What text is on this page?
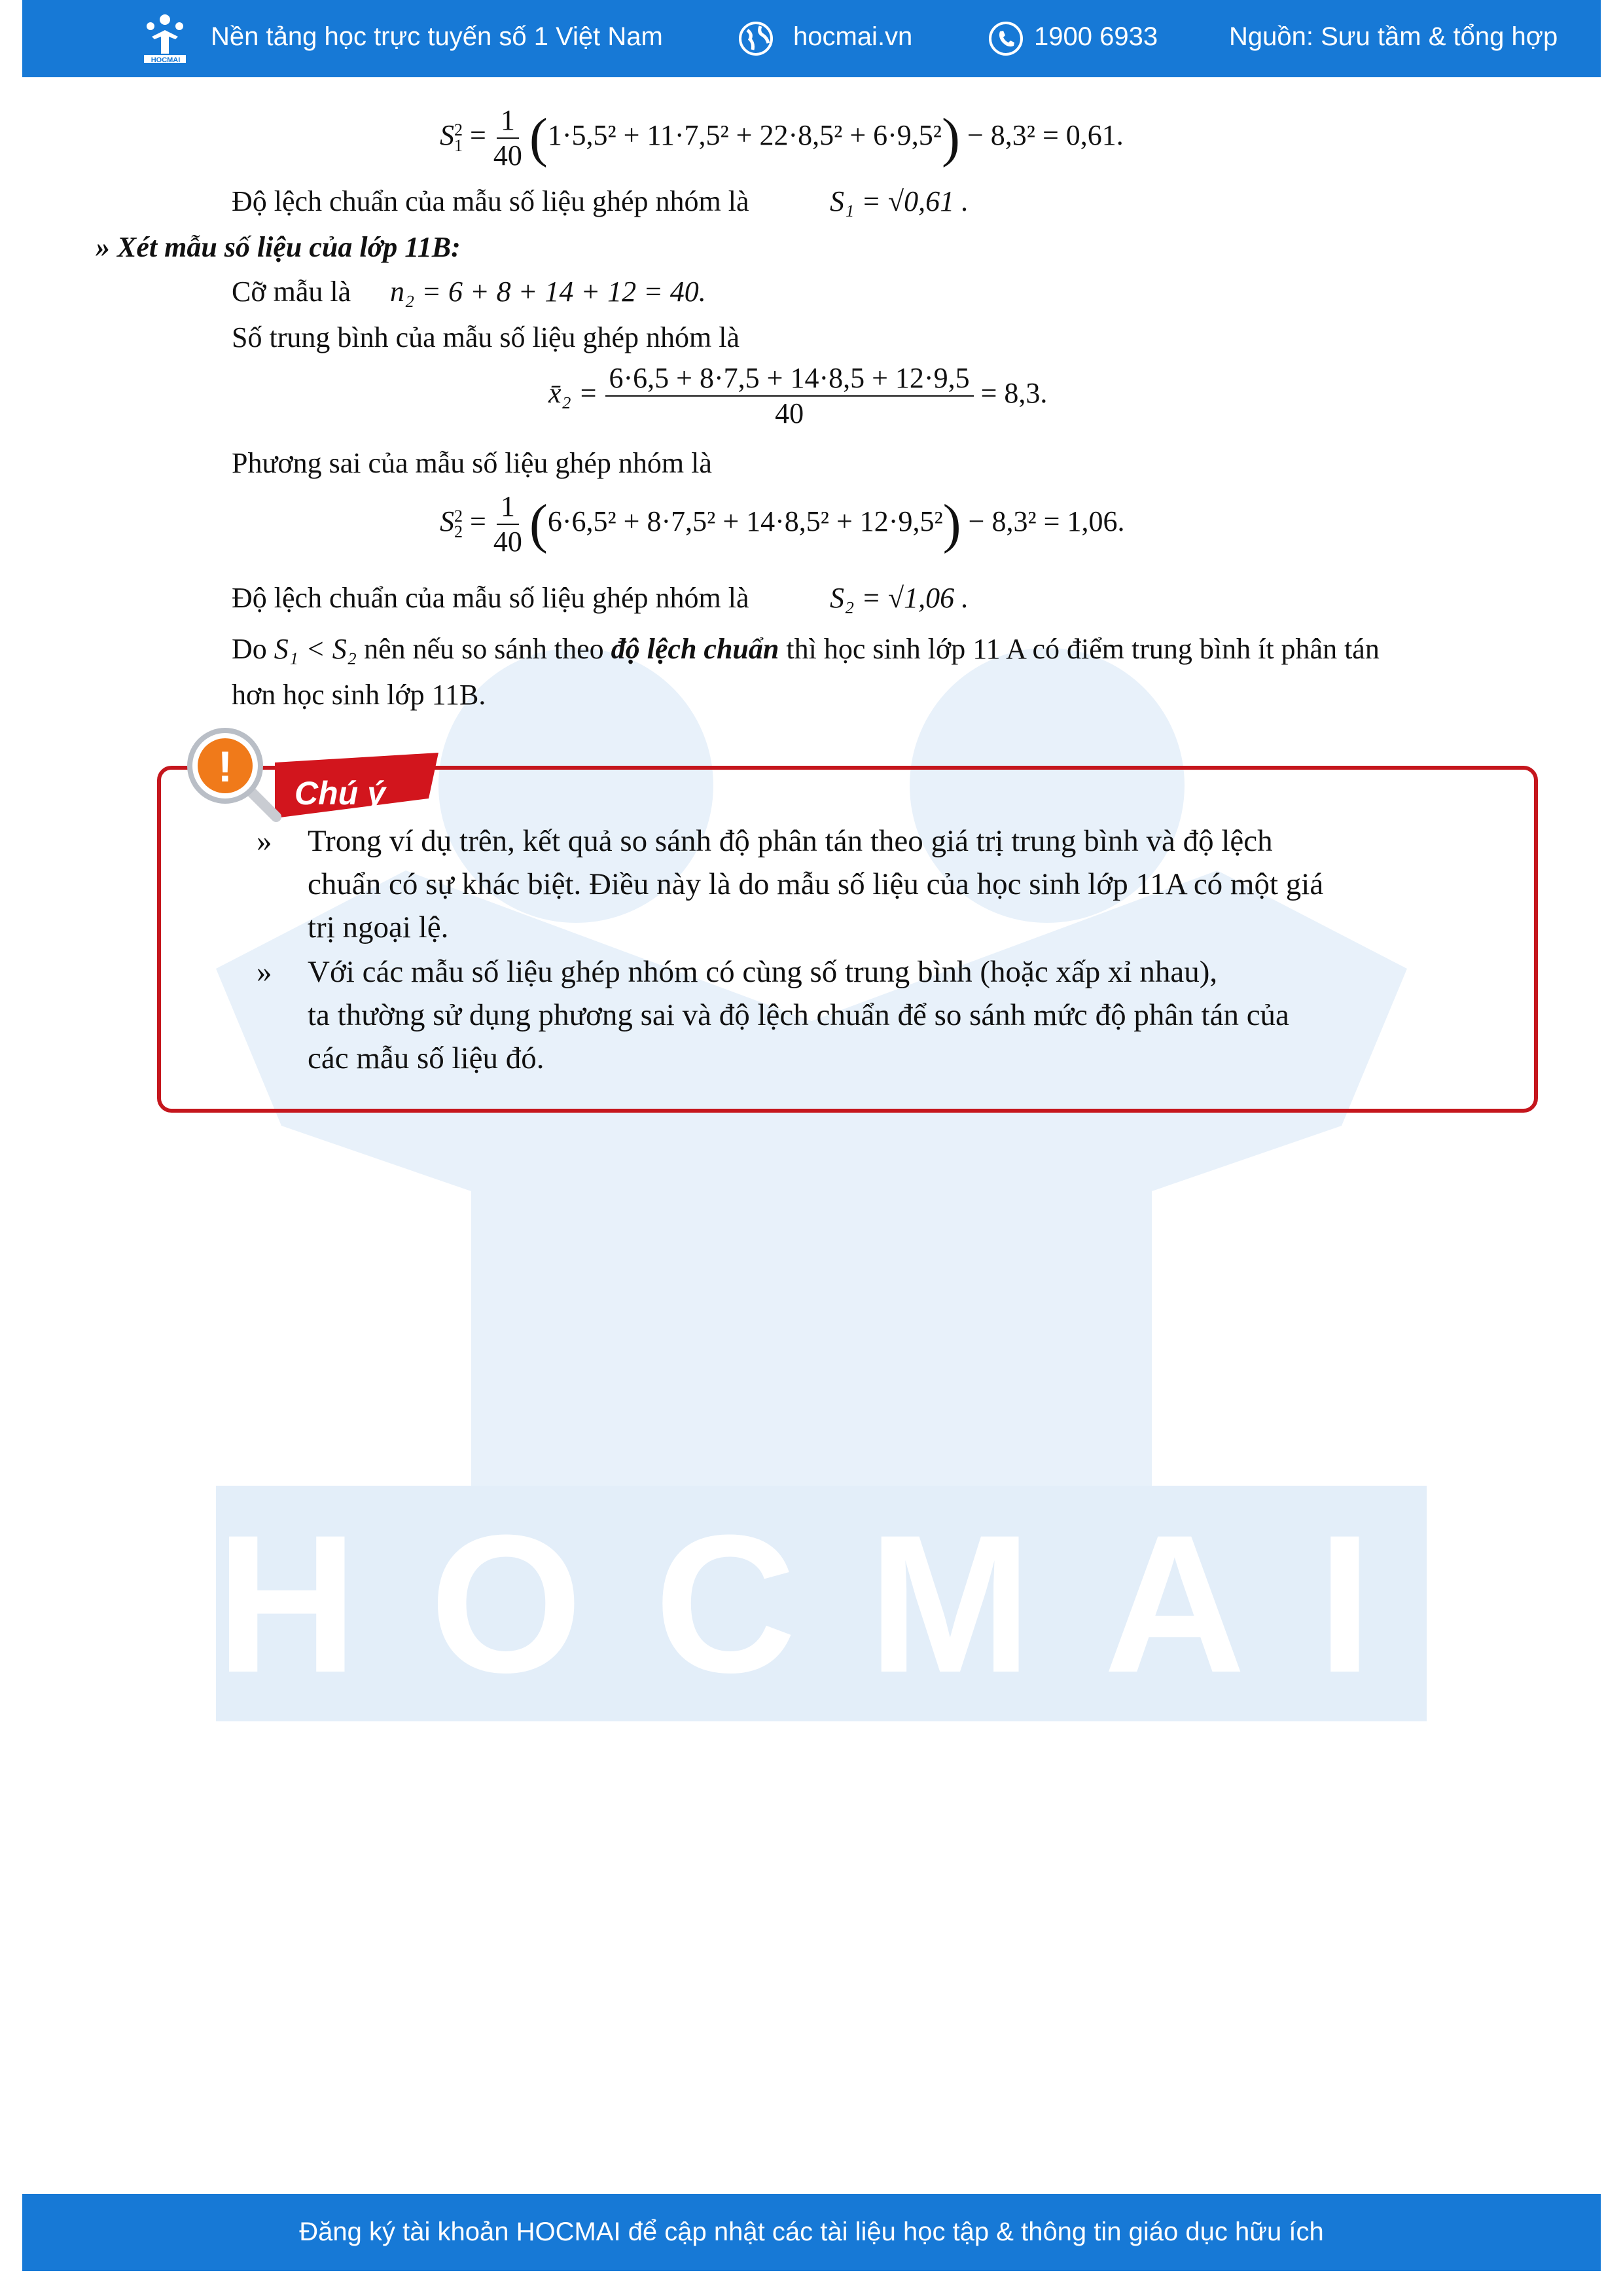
HOCMAI
HOCMAI
Nền tảng học trực tuyến số 1 Việt Nam	hocmai.vn	1900 6933	Nguồn: Sưu tầm & tổng hợp
S 2
$1 = \frac{1}{40} (1\cdot 5,5^2 + 11\cdot 7,5^2 + 22\cdot 8,5^2 + 6\cdot 9,5^2) - 8,3^2 = 0,61$.
Độ lệch chuẩn của mẫu số liệu ghép nhóm là	S₁ = √0,61 .
» Xét mẫu số liệu của lớp 11B:
Cỡ mẫu là n₂ = 6 + 8 + 14 + 12 = 40.
Số trung bình của mẫu số liệu ghép nhóm là
x̄₂ = $\frac{6\cdot 6,5 + 8\cdot 7,5 + 14\cdot 8,5 + 12\cdot 9,5}{40} = 8,3$.
Phương sai của mẫu số liệu ghép nhóm là
S 2
$2 = \frac{1}{40} (6\cdot 6,5^2 + 8\cdot 7,5^2 + 14\cdot 8,5^2 + 12\cdot 9,5^2) - 8,3^2 = 1,06$.
Độ lệch chuẩn của mẫu số liệu ghép nhóm là	S₂ = √1,06 .
Do S₁ < S₂ nên nếu so sánh theo độ lệch chuẩn thì học sinh lớp 11 A có điểm trung bình ít phân tán
hơn học sinh lớp 11B.
!
Chú ý
» Trong ví dụ trên, kết quả so sánh độ phân tán theo giá trị trung bình và độ lệch
chuẩn có sự khác biệt. Điều này là do mẫu số liệu của học sinh lớp 11A có một giá
trị ngoại lệ.
» Với các mẫu số liệu ghép nhóm có cùng số trung bình (hoặc xấp xỉ nhau),
ta thường sử dụng phương sai và độ lệch chuẩn để so sánh mức độ phân tán của
các mẫu số liệu đó.
Đăng ký tài khoản HOCMAI để cập nhật các tài liệu học tập & thông tin giáo dục hữu ích
